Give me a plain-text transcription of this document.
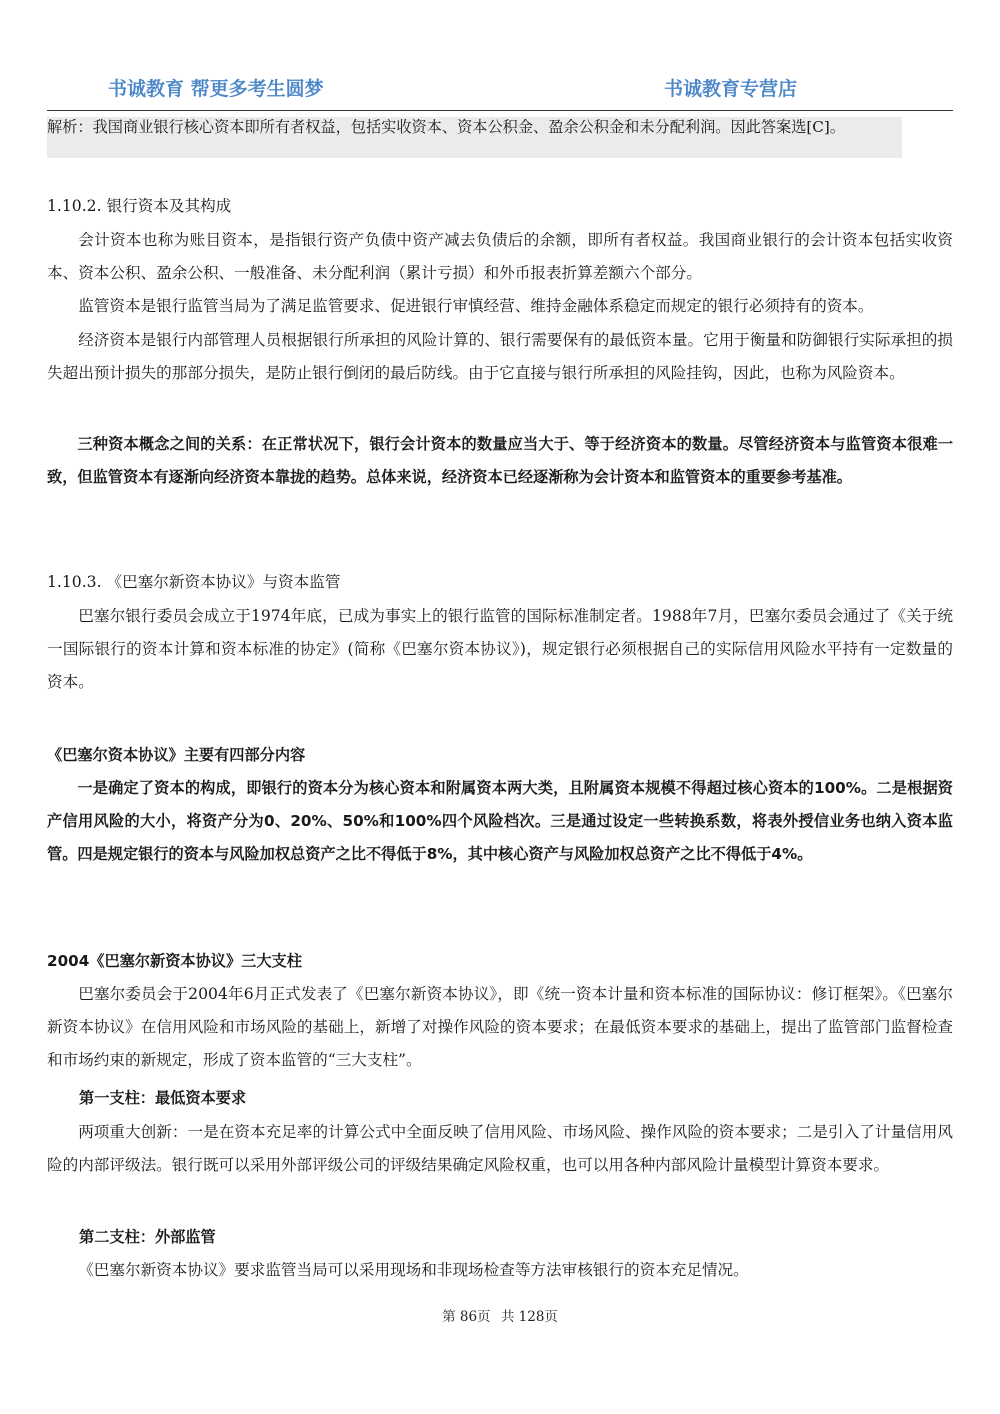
书诚教育 帮更多考生圆梦	书诚教育专营店

解析：我国商业银行核心资本即所有者权益，包括实收资本、资本公积金、盈余公积金和未分配利润。因此答案选[C]。

1.10.2. 银行资本及其构成

会计资本也称为账目资本，是指银行资产负债中资产减去负债后的余额，即所有者权益。我国商业银行的会计资本包括实收资本、资本公积、盈余公积、一般准备、未分配利润（累计亏损）和外币报表折算差额六个部分。

监管资本是银行监管当局为了满足监管要求、促进银行审慎经营、维持金融体系稳定而规定的银行必须持有的资本。

经济资本是银行内部管理人员根据银行所承担的风险计算的、银行需要保有的最低资本量。它用于衡量和防御银行实际承担的损失超出预计损失的那部分损失，是防止银行倒闭的最后防线。由于它直接与银行所承担的风险挂钩，因此，也称为风险资本。

三种资本概念之间的关系：在正常状况下，银行会计资本的数量应当大于、等于经济资本的数量。尽管经济资本与监管资本很难一致，但监管资本有逐渐向经济资本靠拢的趋势。总体来说，经济资本已经逐渐称为会计资本和监管资本的重要参考基准。

1.10.3. 《巴塞尔新资本协议》与资本监管

巴塞尔银行委员会成立于1974年底，已成为事实上的银行监管的国际标准制定者。1988年7月，巴塞尔委员会通过了《关于统一国际银行的资本计算和资本标准的协定》(简称《巴塞尔资本协议》)，规定银行必须根据自己的实际信用风险水平持有一定数量的资本。

《巴塞尔资本协议》主要有四部分内容

一是确定了资本的构成，即银行的资本分为核心资本和附属资本两大类，且附属资本规模不得超过核心资本的100%。二是根据资产信用风险的大小，将资产分为0、20%、50%和100%四个风险档次。三是通过设定一些转换系数，将表外授信业务也纳入资本监管。四是规定银行的资本与风险加权总资产之比不得低于8%，其中核心资产与风险加权总资产之比不得低于4%。

2004《巴塞尔新资本协议》三大支柱

巴塞尔委员会于2004年6月正式发表了《巴塞尔新资本协议》，即《统一资本计量和资本标准的国际协议：修订框架》。《巴塞尔新资本协议》在信用风险和市场风险的基础上，新增了对操作风险的资本要求；在最低资本要求的基础上，提出了监管部门监督检查和市场约束的新规定，形成了资本监管的“三大支柱”。

第一支柱：最低资本要求

两项重大创新：一是在资本充足率的计算公式中全面反映了信用风险、市场风险、操作风险的资本要求；二是引入了计量信用风险的内部评级法。银行既可以采用外部评级公司的评级结果确定风险权重，也可以用各种内部风险计量模型计算资本要求。

第二支柱：外部监管

《巴塞尔新资本协议》要求监管当局可以采用现场和非现场检查等方法审核银行的资本充足情况。

第 86页 共 128页
